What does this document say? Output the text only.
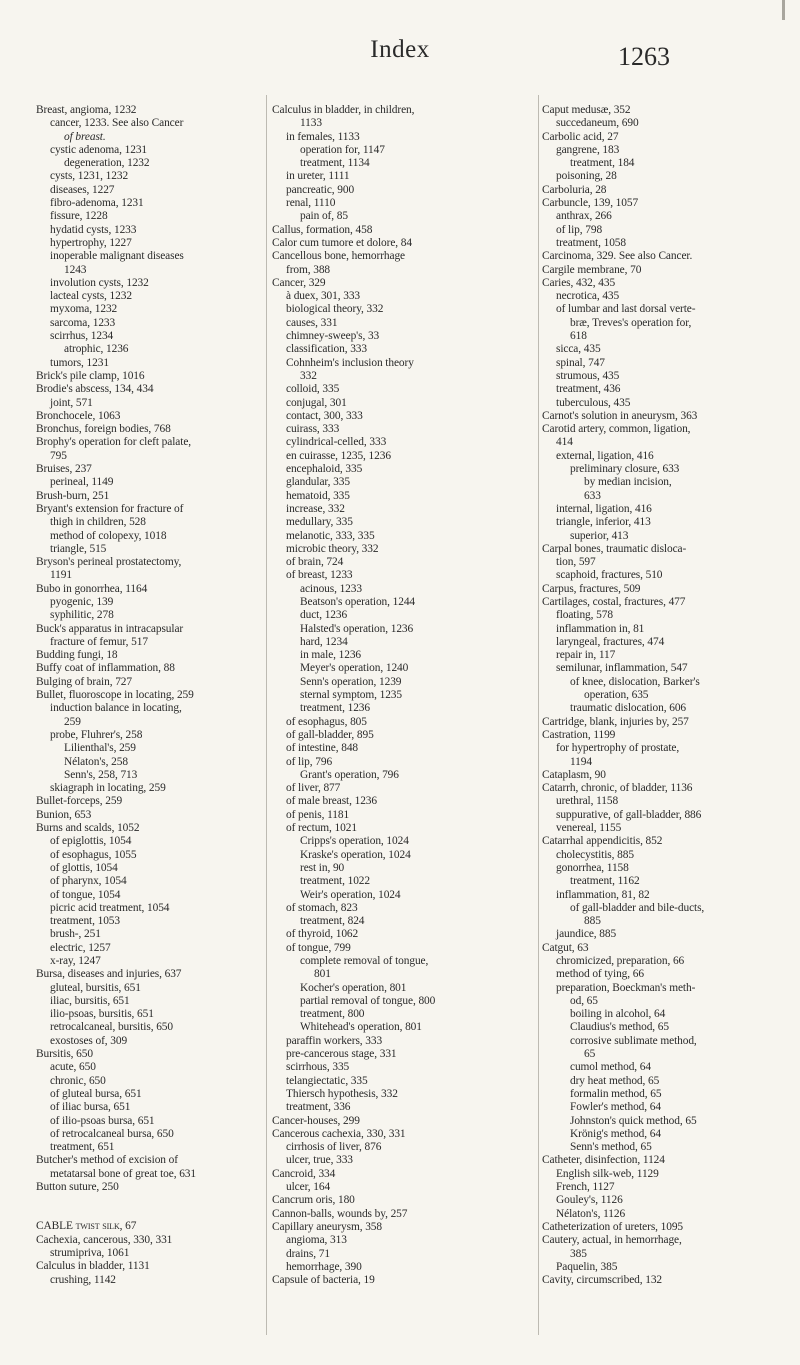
Index	1263
Breast, angioma, 1232
cancer, 1233. See also Cancer
of breast.
cystic adenoma, 1231
degeneration, 1232
cysts, 1231, 1232
diseases, 1227
fibro-adenoma, 1231
fissure, 1228
hydatid cysts, 1233
hypertrophy, 1227
inoperable malignant diseases
1243
involution cysts, 1232
lacteal cysts, 1232
myxoma, 1232
sarcoma, 1233
scirrhus, 1234
atrophic, 1236
tumors, 1231
Brick's pile clamp, 1016
Brodie's abscess, 134, 434
joint, 571
Bronchocele, 1063
Bronchus, foreign bodies, 768
Brophy's operation for cleft palate,
795
Bruises, 237
perineal, 1149
Brush-burn, 251
Bryant's extension for fracture of
thigh in children, 528
method of colopexy, 1018
triangle, 515
Bryson's perineal prostatectomy,
1191
Bubo in gonorrhea, 1164
pyogenic, 139
syphilitic, 278
Buck's apparatus in intracapsular
fracture of femur, 517
Budding fungi, 18
Buffy coat of inflammation, 88
Bulging of brain, 727
Bullet, fluoroscope in locating, 259
induction balance in locating,
259
probe, Fluhrer's, 258
Lilienthal's, 259
Nélaton's, 258
Senn's, 258, 713
skiagraph in locating, 259
Bullet-forceps, 259
Bunion, 653
Burns and scalds, 1052
of epiglottis, 1054
of esophagus, 1055
of glottis, 1054
of pharynx, 1054
of tongue, 1054
picric acid treatment, 1054
treatment, 1053
brush-, 251
electric, 1257
x-ray, 1247
Bursa, diseases and injuries, 637
gluteal, bursitis, 651
iliac, bursitis, 651
ilio-psoas, bursitis, 651
retrocalcaneal, bursitis, 650
exostoses of, 309
Bursitis, 650
acute, 650
chronic, 650
of gluteal bursa, 651
of iliac bursa, 651
of ilio-psoas bursa, 651
of retrocalcaneal bursa, 650
treatment, 651
Butcher's method of excision of
metatarsal bone of great toe, 631
Button suture, 250
CABLE twist silk, 67
Cachexia, cancerous, 330, 331
strumipriva, 1061
Calculus in bladder, 1131
crushing, 1142
Calculus in bladder, in children,
1133
in females, 1133
operation for, 1147
treatment, 1134
in ureter, 1111
pancreatic, 900
renal, 1110
pain of, 85
Callus, formation, 458
Calor cum tumore et dolore, 84
Cancellous bone, hemorrhage
from, 388
Cancer, 329
à duex, 301, 333
biological theory, 332
causes, 331
chimney-sweep's, 33
classification, 333
Cohnheim's inclusion theory
332
colloid, 335
conjugal, 301
contact, 300, 333
cuirass, 333
cylindrical-celled, 333
en cuirasse, 1235, 1236
encephaloid, 335
glandular, 335
hematoid, 335
increase, 332
medullary, 335
melanotic, 333, 335
microbic theory, 332
of brain, 724
of breast, 1233
acinous, 1233
Beatson's operation, 1244
duct, 1236
Halsted's operation, 1236
hard, 1234
in male, 1236
Meyer's operation, 1240
Senn's operation, 1239
sternal symptom, 1235
treatment, 1236
of esophagus, 805
of gall-bladder, 895
of intestine, 848
of lip, 796
Grant's operation, 796
of liver, 877
of male breast, 1236
of penis, 1181
of rectum, 1021
Cripps's operation, 1024
Kraske's operation, 1024
rest in, 90
treatment, 1022
Weir's operation, 1024
of stomach, 823
treatment, 824
of thyroid, 1062
of tongue, 799
complete removal of tongue,
801
Kocher's operation, 801
partial removal of tongue, 800
treatment, 800
Whitehead's operation, 801
paraffin workers, 333
pre-cancerous stage, 331
scirrhous, 335
telangiectatic, 335
Thiersch hypothesis, 332
treatment, 336
Cancer-houses, 299
Cancerous cachexia, 330, 331
cirrhosis of liver, 876
ulcer, true, 333
Cancroid, 334
ulcer, 164
Cancrum oris, 180
Cannon-balls, wounds by, 257
Capillary aneurysm, 358
angioma, 313
drains, 71
hemorrhage, 390
Capsule of bacteria, 19
Caput medusæ, 352
succedaneum, 690
Carbolic acid, 27
gangrene, 183
treatment, 184
poisoning, 28
Carboluria, 28
Carbuncle, 139, 1057
anthrax, 266
of lip, 798
treatment, 1058
Carcinoma, 329. See also Cancer.
Cargile membrane, 70
Caries, 432, 435
necrotica, 435
of lumbar and last dorsal verte-
bræ, Treves's operation for,
618
sicca, 435
spinal, 747
strumous, 435
treatment, 436
tuberculous, 435
Carnot's solution in aneurysm, 363
Carotid artery, common, ligation,
414
external, ligation, 416
preliminary closure, 633
by median incision,
633
internal, ligation, 416
triangle, inferior, 413
superior, 413
Carpal bones, traumatic disloca-
tion, 597
scaphoid, fractures, 510
Carpus, fractures, 509
Cartilages, costal, fractures, 477
floating, 578
inflammation in, 81
laryngeal, fractures, 474
repair in, 117
semilunar, inflammation, 547
of knee, dislocation, Barker's
operation, 635
traumatic dislocation, 606
Cartridge, blank, injuries by, 257
Castration, 1199
for hypertrophy of prostate,
1194
Cataplasm, 90
Catarrh, chronic, of bladder, 1136
urethral, 1158
suppurative, of gall-bladder, 886
venereal, 1155
Catarrhal appendicitis, 852
cholecystitis, 885
gonorrhea, 1158
treatment, 1162
inflammation, 81, 82
of gall-bladder and bile-ducts,
885
jaundice, 885
Catgut, 63
chromicized, preparation, 66
method of tying, 66
preparation, Boeckman's meth-
od, 65
boiling in alcohol, 64
Claudius's method, 65
corrosive sublimate method,
65
cumol method, 64
dry heat method, 65
formalin method, 65
Fowler's method, 64
Johnston's quick method, 65
Krönig's method, 64
Senn's method, 65
Catheter, disinfection, 1124
English silk-web, 1129
French, 1127
Gouley's, 1126
Nélaton's, 1126
Catheterization of ureters, 1095
Cautery, actual, in hemorrhage,
385
Paquelin, 385
Cavity, circumscribed, 132
